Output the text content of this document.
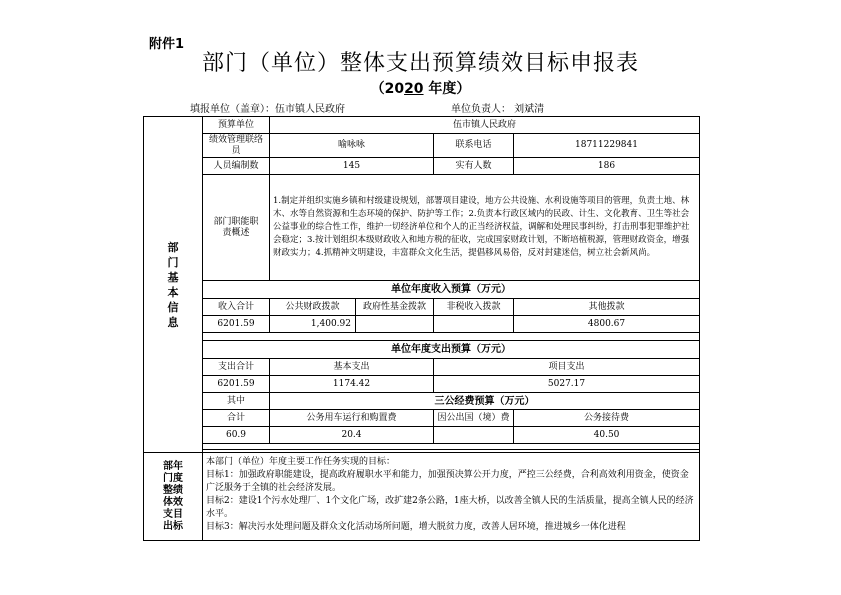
附件1
部门（单位）整体支出预算绩效目标申报表
（2020 年度）
填报单位（盖章）：伍市镇人民政府	单位负责人： 刘斌清
部门基本信息	预算单位	伍市镇人民政府			
	绩效管理联络员	喻咏咏		联系电话	18711229841
	人员编制数	145		实有人数	186

	部门职能职责概述	1.制定并组织实施乡镇和村级建设规划，部署项目建设，地方公共设施、水利设施等项目的管理，负责土地、林木、水等自然资源和生态环境的保护、防护等工作；2.负责本行政区域内的民政、计生、文化教育、卫生等社会公益事业的综合性工作，维护一切经济单位和个人的正当经济权益，调解和处理民事纠纷，打击刑事犯罪维护社会稳定；3.按计划组织本级财政收入和地方税的征收，完成国家财政计划，不断培植税源，管理财政资金，增强财政实力；4.抓精神文明建设，丰富群众文化生活，提倡移风易俗，反对封建迷信，树立社会新风尚。			
	单位年度收入预算（万元）				
	收入合计	公共财政拨款	政府性基金拨款	非税收入拨款	其他拨款
	6201.59	1,400.92			4800.67

	单位年度支出预算（万元）				
	支出合计	基本支出		项目支出	
	6201.59	1174.42		5027.17	
	其中	三公经费预算（万元）			
	合计	公务用车运行和购置费		因公出国（境）费	公务接待费
	60.9	20.4			40.50

部年门度整绩体效支目出标	本部门（单位）年度主要工作任务实现的目标：
目标1：加强政府职能建设，提高政府履职水平和能力，加强预决算公开力度，严控三公经费，合利高效利用资金，使资金广泛服务于全镇的社会经济发展。
目标2：建设1个污水处理厂、1个文化广场，改扩建2条公路，1座大桥，以改善全镇人民的生活质量，提高全镇人民的经济水平。
目标3：解决污水处理问题及群众文化活动场所问题，增大脱贫力度，改善人居环境，推进城乡一体化进程				
